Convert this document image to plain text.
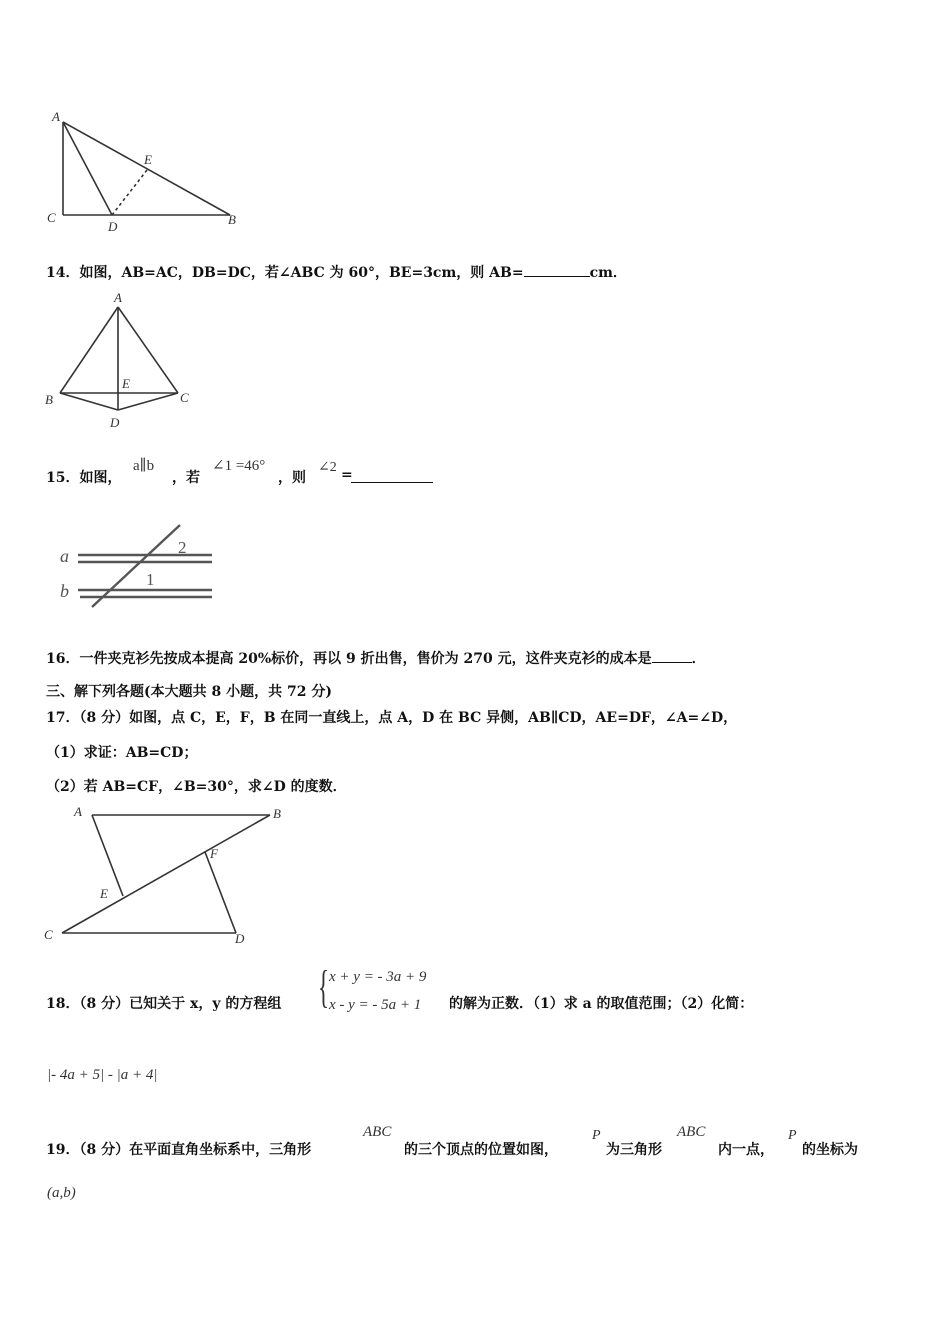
A
E
C
D	B
14．如图，AB=AC，DB=DC，若∠ABC 为 60°，BE=3cm，则 AB=	cm．
A
B	C
E
D
15．如图，
a∥b
，若
∠1 =46°
，则
∠2 =
a
b
2
1
16．一件夹克衫先按成本提高 20%标价，再以 9 折出售，售价为 270 元，这件夹克衫的成本是	．
三、解下列各题(本大题共 8 小题，共 72 分)
17．（8 分）如图，点 C，E，F，B 在同一直线上，点 A，D 在 BC 异侧，AB∥CD，AE=DF，∠A=∠D，
（1）求证：AB=CD；
（2）若 AB=CF，∠B=30°，求∠D 的度数．
A	B
F
E
C	D
18．（8 分）已知关于 x，y 的方程组 { x + y = - 3a + 9
x - y = - 5a + 1 的解为正数．（1）求 a 的取值范围；（2）化简：
|- 4a + 5| - |a + 4|
19．（8 分）在平面直角坐标系中，三角形
ABC
的三个顶点的位置如图，
P
为三角形
ABC
内一点，
P
的坐标为
(a,b)
